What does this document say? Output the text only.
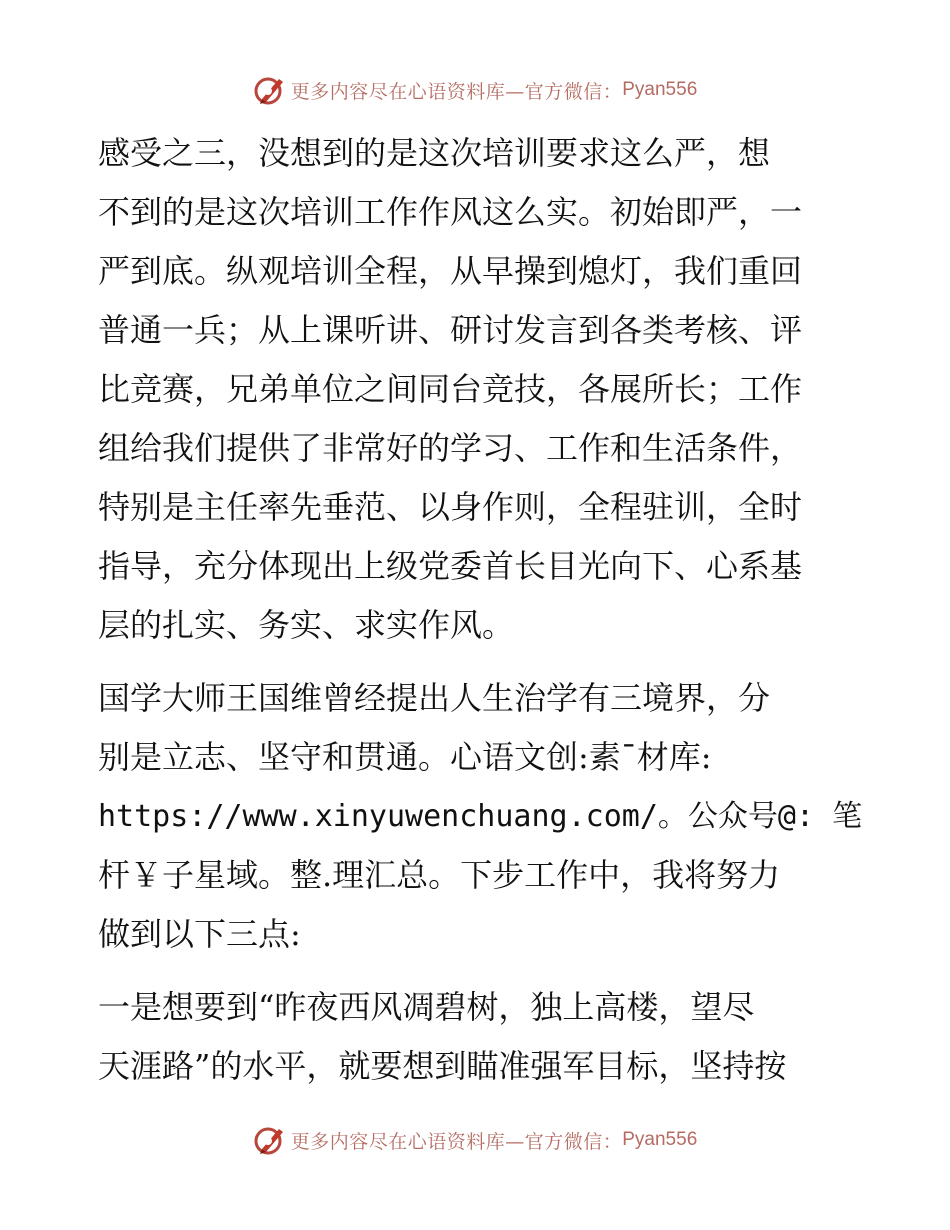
更多内容尽在心语资料库—官方微信： Pyan556
感受之三，没想到的是这次培训要求这么严，想
不到的是这次培训工作作风这么实。初始即严，一
严到底。纵观培训全程，从早操到熄灯，我们重回
普通一兵；从上课听讲、研讨发言到各类考核、评
比竞赛，兄弟单位之间同台竞技，各展所长；工作
组给我们提供了非常好的学习、工作和生活条件，
特别是主任率先垂范、以身作则，全程驻训，全时
指导，充分体现出上级党委首长目光向下、心系基
层的扎实、务实、求实作风。
国学大师王国维曾经提出人生治学有三境界，分
别是立志、坚守和贯通。心语文创:素¯材库:
https://www.xinyuwenchuang.com/。公众号@: 笔
杆￥子星域。整.理汇总。下步工作中，我将努力
做到以下三点:
一是想要到“昨夜西风凋碧树，独上高楼，望尽
天涯路”的水平，就要想到瞄准强军目标，坚持按
更多内容尽在心语资料库—官方微信： Pyan556
